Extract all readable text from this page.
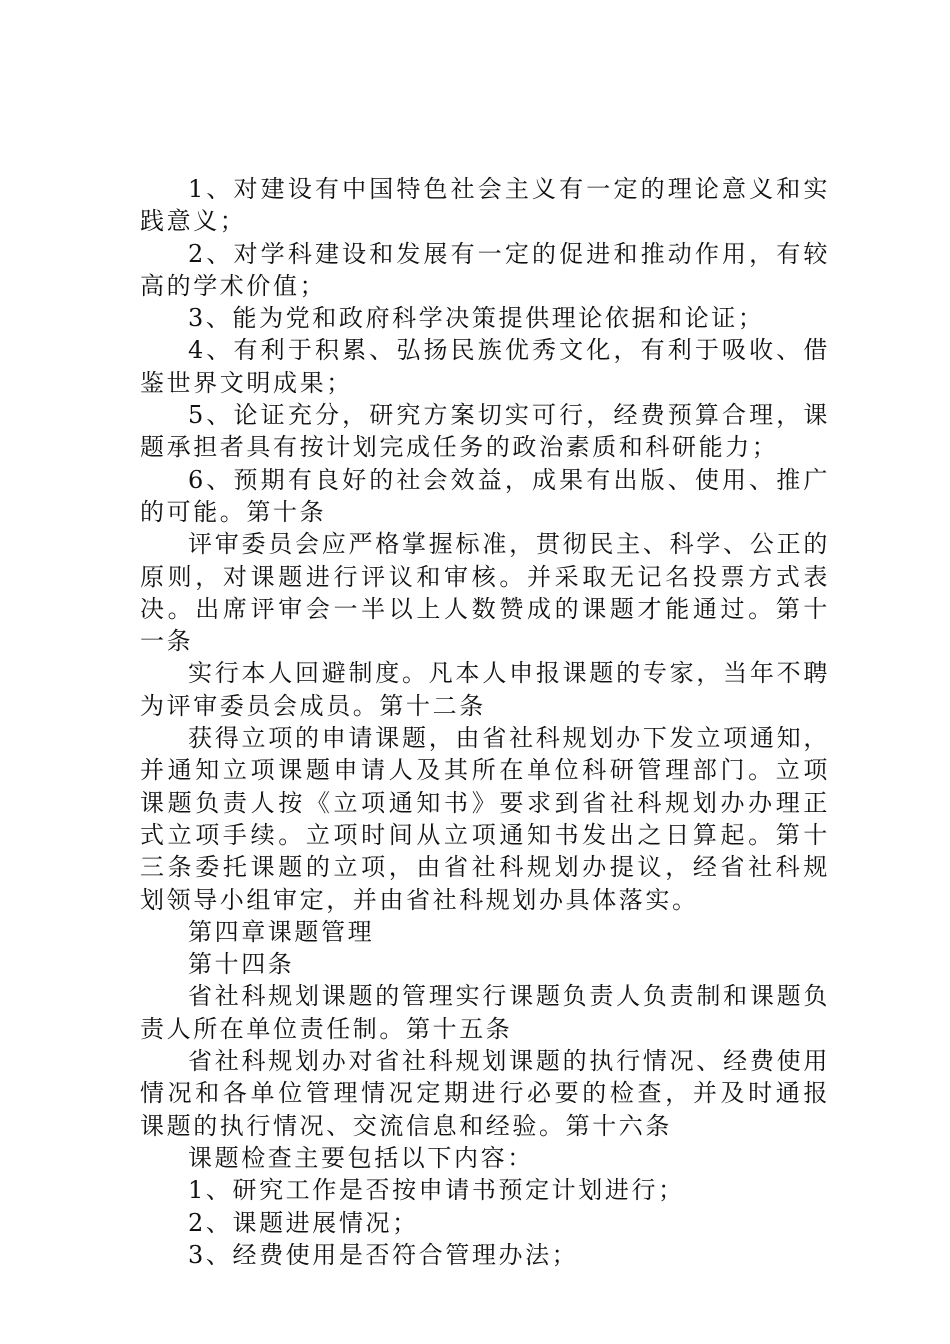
1、对建设有中国特色社会主义有一定的理论意义和实践意义；

2、对学科建设和发展有一定的促进和推动作用，有较高的学术价值；

3、能为党和政府科学决策提供理论依据和论证；

4、有利于积累、弘扬民族优秀文化，有利于吸收、借鉴世界文明成果；

5、论证充分，研究方案切实可行，经费预算合理，课题承担者具有按计划完成任务的政治素质和科研能力；

6、预期有良好的社会效益，成果有出版、使用、推广的可能。第十条

评审委员会应严格掌握标准，贯彻民主、科学、公正的原则，对课题进行评议和审核。并采取无记名投票方式表决。出席评审会一半以上人数赞成的课题才能通过。第十一条

实行本人回避制度。凡本人申报课题的专家，当年不聘为评审委员会成员。第十二条

获得立项的申请课题，由省社科规划办下发立项通知，并通知立项课题申请人及其所在单位科研管理部门。立项课题负责人按《立项通知书》要求到省社科规划办办理正式立项手续。立项时间从立项通知书发出之日算起。第十三条委托课题的立项，由省社科规划办提议，经省社科规划领导小组审定，并由省社科规划办具体落实。

第四章课题管理

第十四条

省社科规划课题的管理实行课题负责人负责制和课题负责人所在单位责任制。第十五条

省社科规划办对省社科规划课题的执行情况、经费使用情况和各单位管理情况定期进行必要的检查，并及时通报课题的执行情况、交流信息和经验。第十六条

课题检查主要包括以下内容：

1、研究工作是否按申请书预定计划进行；

2、课题进展情况；

3、经费使用是否符合管理办法；
